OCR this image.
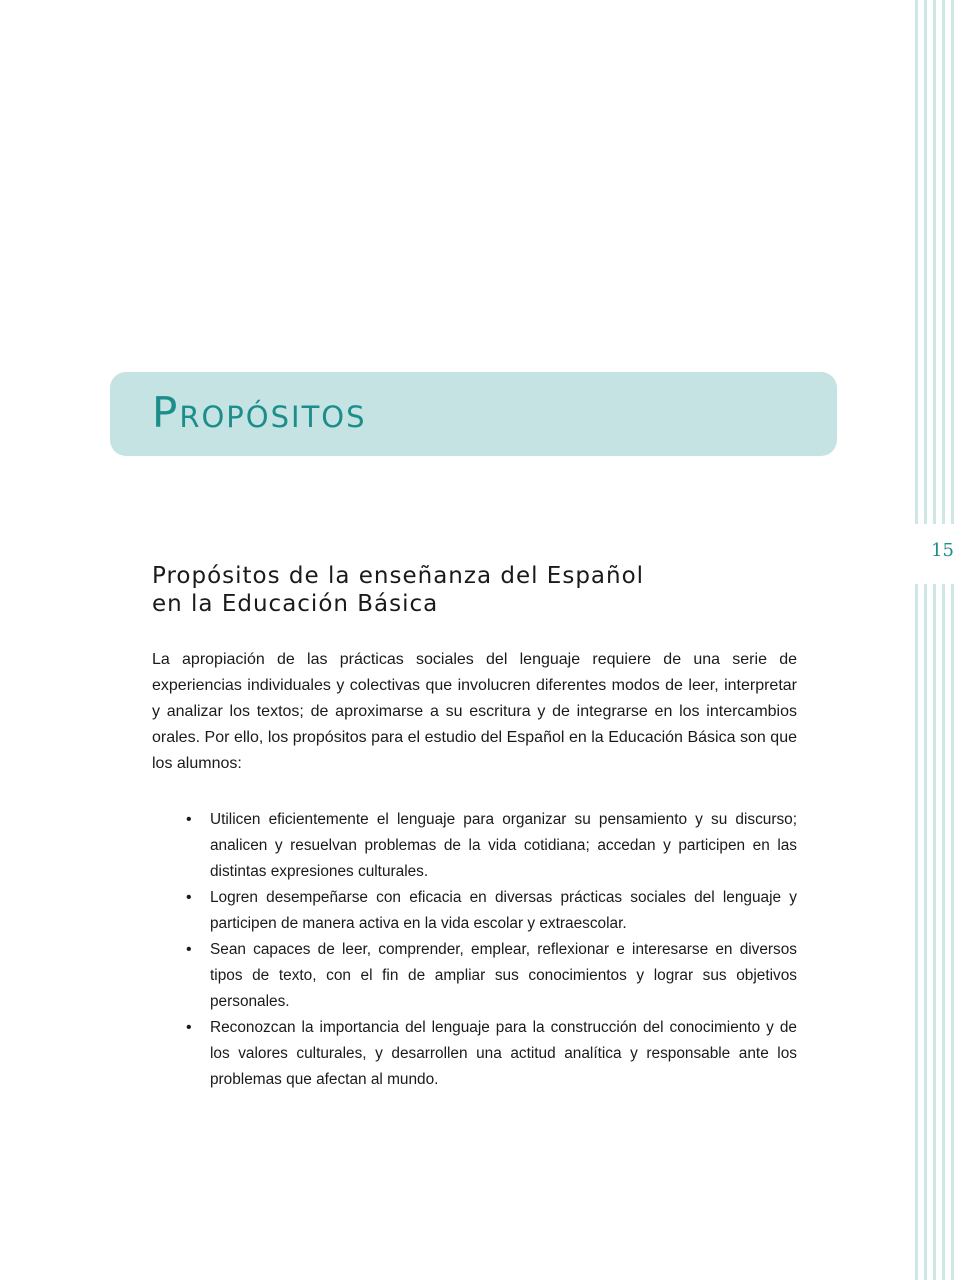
15
Propósitos
Propósitos de la enseñanza del Español
en la Educación Básica

La apropiación de las prácticas sociales del lenguaje requiere de una serie de experiencias individuales y colectivas que involucren diferentes modos de leer, interpretar y analizar los textos; de aproximarse a su escritura y de integrarse en los intercambios orales. Por ello, los propósitos para el estudio del Español en la Educación Básica son que los alumnos:

• Utilicen eficientemente el lenguaje para organizar su pensamiento y su discurso; analicen y resuelvan problemas de la vida cotidiana; accedan y participen en las distintas expresiones culturales.
• Logren desempeñarse con eficacia en diversas prácticas sociales del lenguaje y participen de manera activa en la vida escolar y extraescolar.
• Sean capaces de leer, comprender, emplear, reflexionar e interesarse en diversos tipos de texto, con el fin de ampliar sus conocimientos y lograr sus objetivos personales.
• Reconozcan la importancia del lenguaje para la construcción del conocimiento y de los valores culturales, y desarrollen una actitud analítica y responsable ante los problemas que afectan al mundo.
